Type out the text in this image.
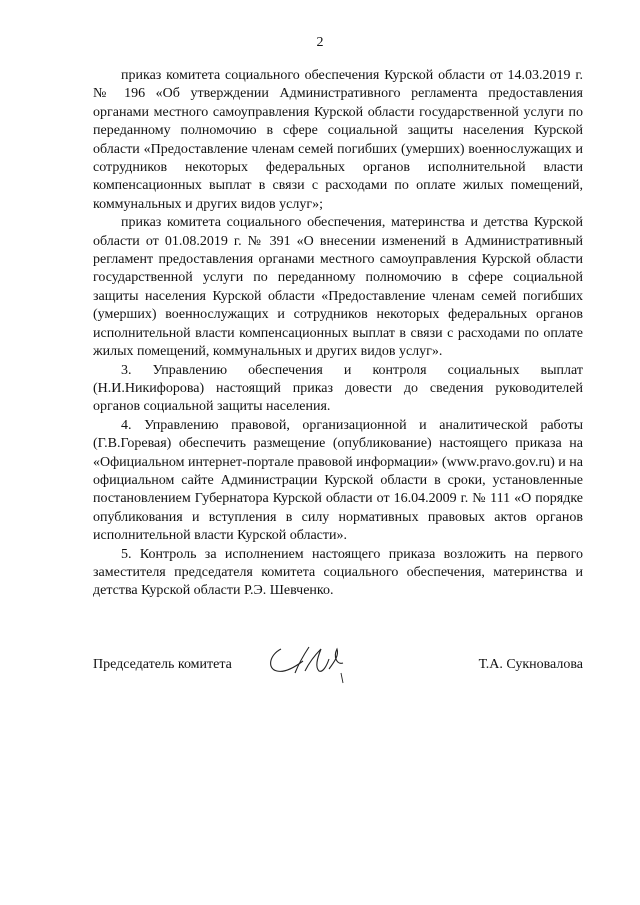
2

приказ комитета социального обеспечения Курской области от 14.03.2019 г. № 196 «Об утверждении Административного регламента предоставления органами местного самоуправления Курской области государственной услуги по переданному полномочию в сфере социальной защиты населения Курской области «Предоставление членам семей погибших (умерших) военнослужащих и сотрудников некоторых федеральных органов исполнительной власти компенсационных выплат в связи с расходами по оплате жилых помещений, коммунальных и других видов услуг»;

приказ комитета социального обеспечения, материнства и детства Курской области от 01.08.2019 г. № 391 «О внесении изменений в Административный регламент предоставления органами местного самоуправления Курской области государственной услуги по переданному полномочию в сфере социальной защиты населения Курской области «Предоставление членам семей погибших (умерших) военнослужащих и сотрудников некоторых федеральных органов исполнительной власти компенсационных выплат в связи с расходами по оплате жилых помещений, коммунальных и других видов услуг».

3. Управлению обеспечения и контроля социальных выплат (Н.И.Никифорова) настоящий приказ довести до сведения руководителей органов социальной защиты населения.

4. Управлению правовой, организационной и аналитической работы (Г.В.Горевая) обеспечить размещение (опубликование) настоящего приказа на «Официальном интернет-портале правовой информации» (www.pravo.gov.ru) и на официальном сайте Администрации Курской области в сроки, установленные постановлением Губернатора Курской области от 16.04.2009 г. № 111 «О порядке опубликования и вступления в силу нормативных правовых актов органов исполнительной власти Курской области».

5. Контроль за исполнением настоящего приказа возложить на первого заместителя председателя комитета социального обеспечения, материнства и детства Курской области Р.Э. Шевченко.

Председатель комитета	Т.А. Сукновалова
